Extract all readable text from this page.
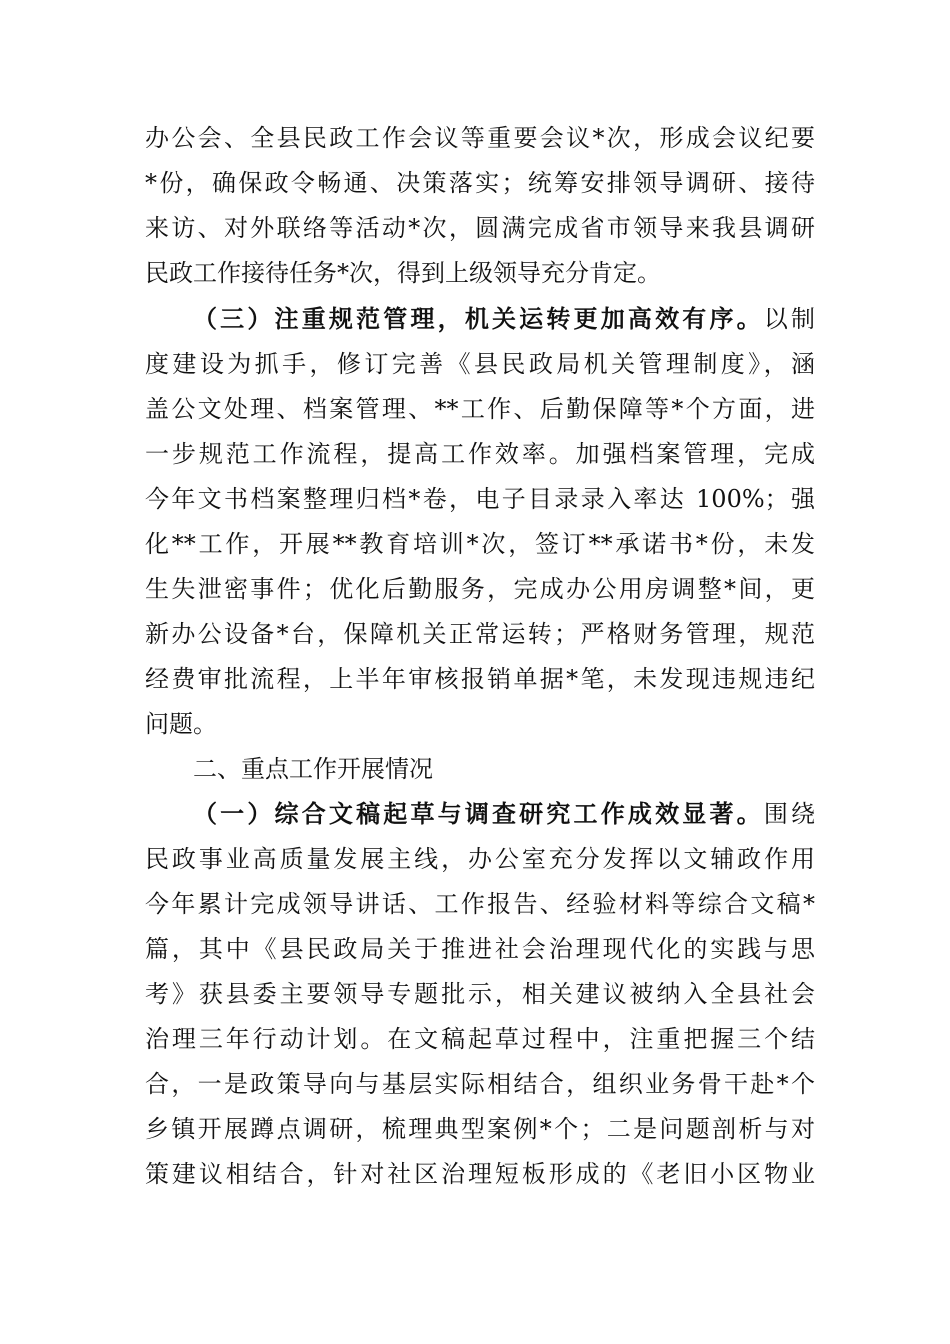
办公会、全县民政工作会议等重要会议*次，形成会议纪要

*份，确保政令畅通、决策落实；统筹安排领导调研、接待

来访、对外联络等活动*次，圆满完成省市领导来我县调研

民政工作接待任务*次，得到上级领导充分肯定。

（三）注重规范管理，机关运转更加高效有序。以制

度建设为抓手，修订完善《县民政局机关管理制度》，涵

盖公文处理、档案管理、**工作、后勤保障等*个方面，进

一步规范工作流程，提高工作效率。加强档案管理，完成

今年文书档案整理归档*卷，电子目录录入率达 100%；强

化**工作，开展**教育培训*次，签订**承诺书*份，未发

生失泄密事件；优化后勤服务，完成办公用房调整*间，更

新办公设备*台，保障机关正常运转；严格财务管理，规范

经费审批流程，上半年审核报销单据*笔，未发现违规违纪

问题。

二、重点工作开展情况

（一）综合文稿起草与调查研究工作成效显著。围绕

民政事业高质量发展主线，办公室充分发挥以文辅政作用

今年累计完成领导讲话、工作报告、经验材料等综合文稿*

篇，其中《县民政局关于推进社会治理现代化的实践与思

考》获县委主要领导专题批示，相关建议被纳入全县社会

治理三年行动计划。在文稿起草过程中，注重把握三个结

合，一是政策导向与基层实际相结合，组织业务骨干赴*个

乡镇开展蹲点调研，梳理典型案例*个；二是问题剖析与对

策建议相结合，针对社区治理短板形成的《老旧小区物业
